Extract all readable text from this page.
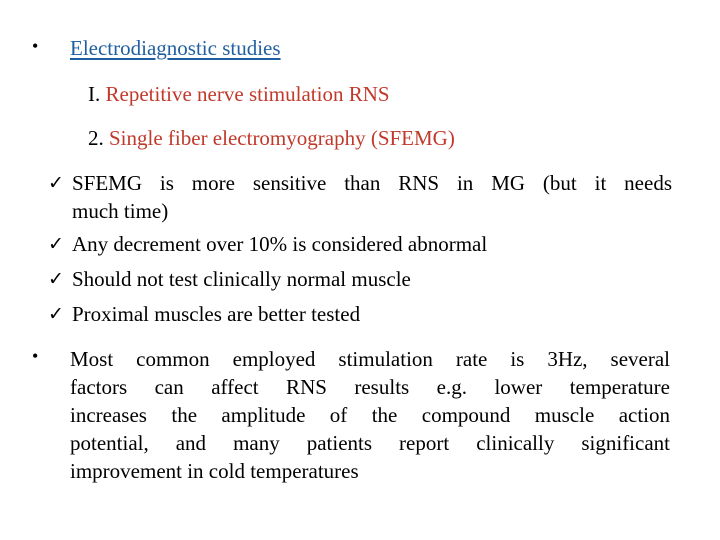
• Electrodiagnostic studies
I. Repetitive nerve stimulation RNS
2. Single fiber electromyography (SFEMG)
✓ SFEMG is more sensitive than RNS in MG (but it needs
much time)
✓ Any decrement over 10% is considered abnormal
✓ Should not test clinically normal muscle
✓ Proximal muscles are better tested
• Most common employed stimulation rate is 3Hz, several
factors can affect RNS results e.g. lower temperature
increases the amplitude of the compound muscle action
potential, and many patients report clinically significant
improvement in cold temperatures
